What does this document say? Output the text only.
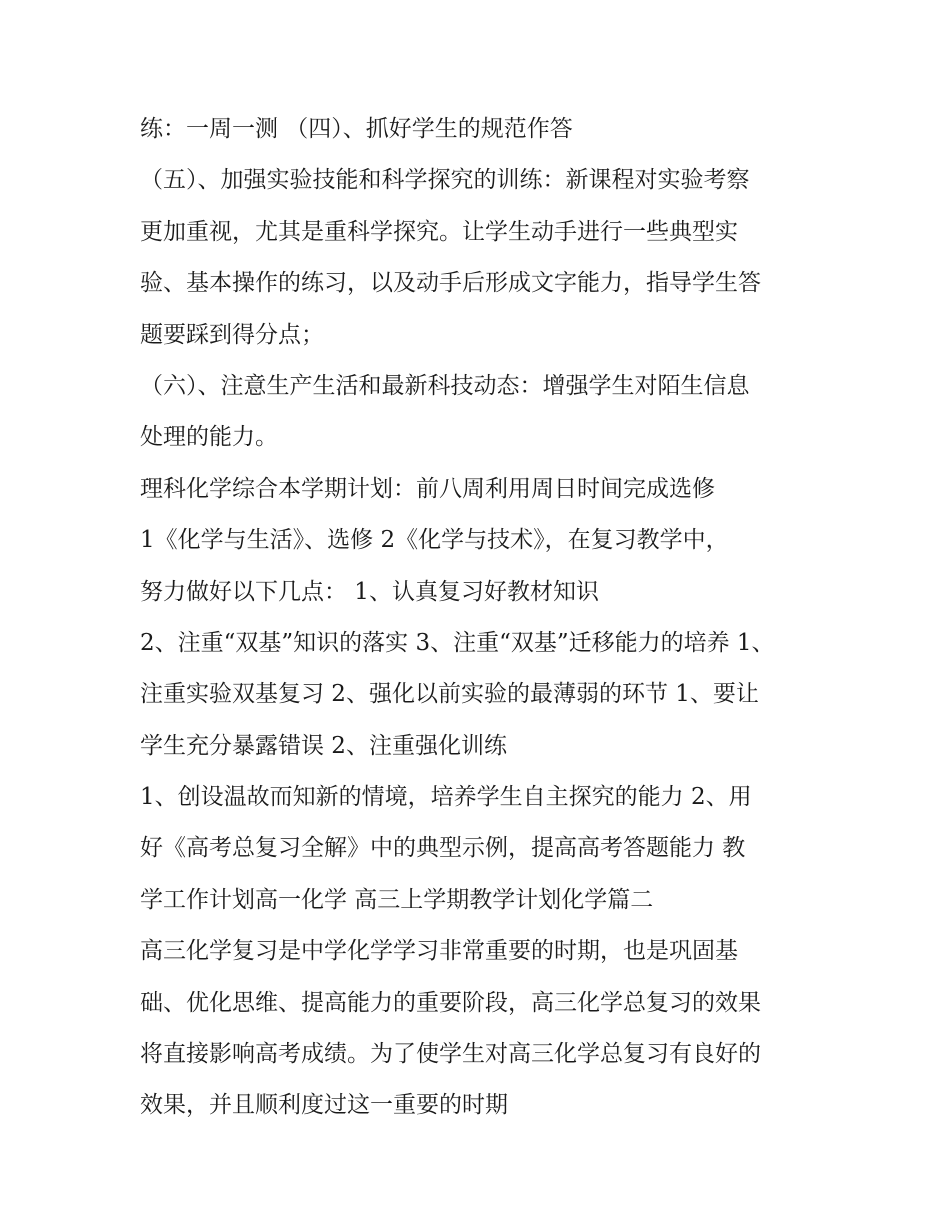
练：一周一测 （四）、抓好学生的规范作答
（五）、加强实验技能和科学探究的训练：新课程对实验考察
更加重视，尤其是重科学探究。让学生动手进行一些典型实
验、基本操作的练习，以及动手后形成文字能力，指导学生答
题要踩到得分点；
（六）、注意生产生活和最新科技动态：增强学生对陌生信息
处理的能力。
理科化学综合本学期计划：前八周利用周日时间完成选修
1《化学与生活》、选修 2《化学与技术》，在复习教学中，
努力做好以下几点： 1、认真复习好教材知识
2、注重“双基”知识的落实 3、注重“双基”迁移能力的培养 1、
注重实验双基复习 2、强化以前实验的最薄弱的环节 1、要让
学生充分暴露错误 2、注重强化训练
1、创设温故而知新的情境，培养学生自主探究的能力 2、用
好《高考总复习全解》中的典型示例，提高高考答题能力 教
学工作计划高一化学 高三上学期教学计划化学篇二
高三化学复习是中学化学学习非常重要的时期，也是巩固基
础、优化思维、提高能力的重要阶段，高三化学总复习的效果
将直接影响高考成绩。为了使学生对高三化学总复习有良好的
效果，并且顺利度过这一重要的时期
